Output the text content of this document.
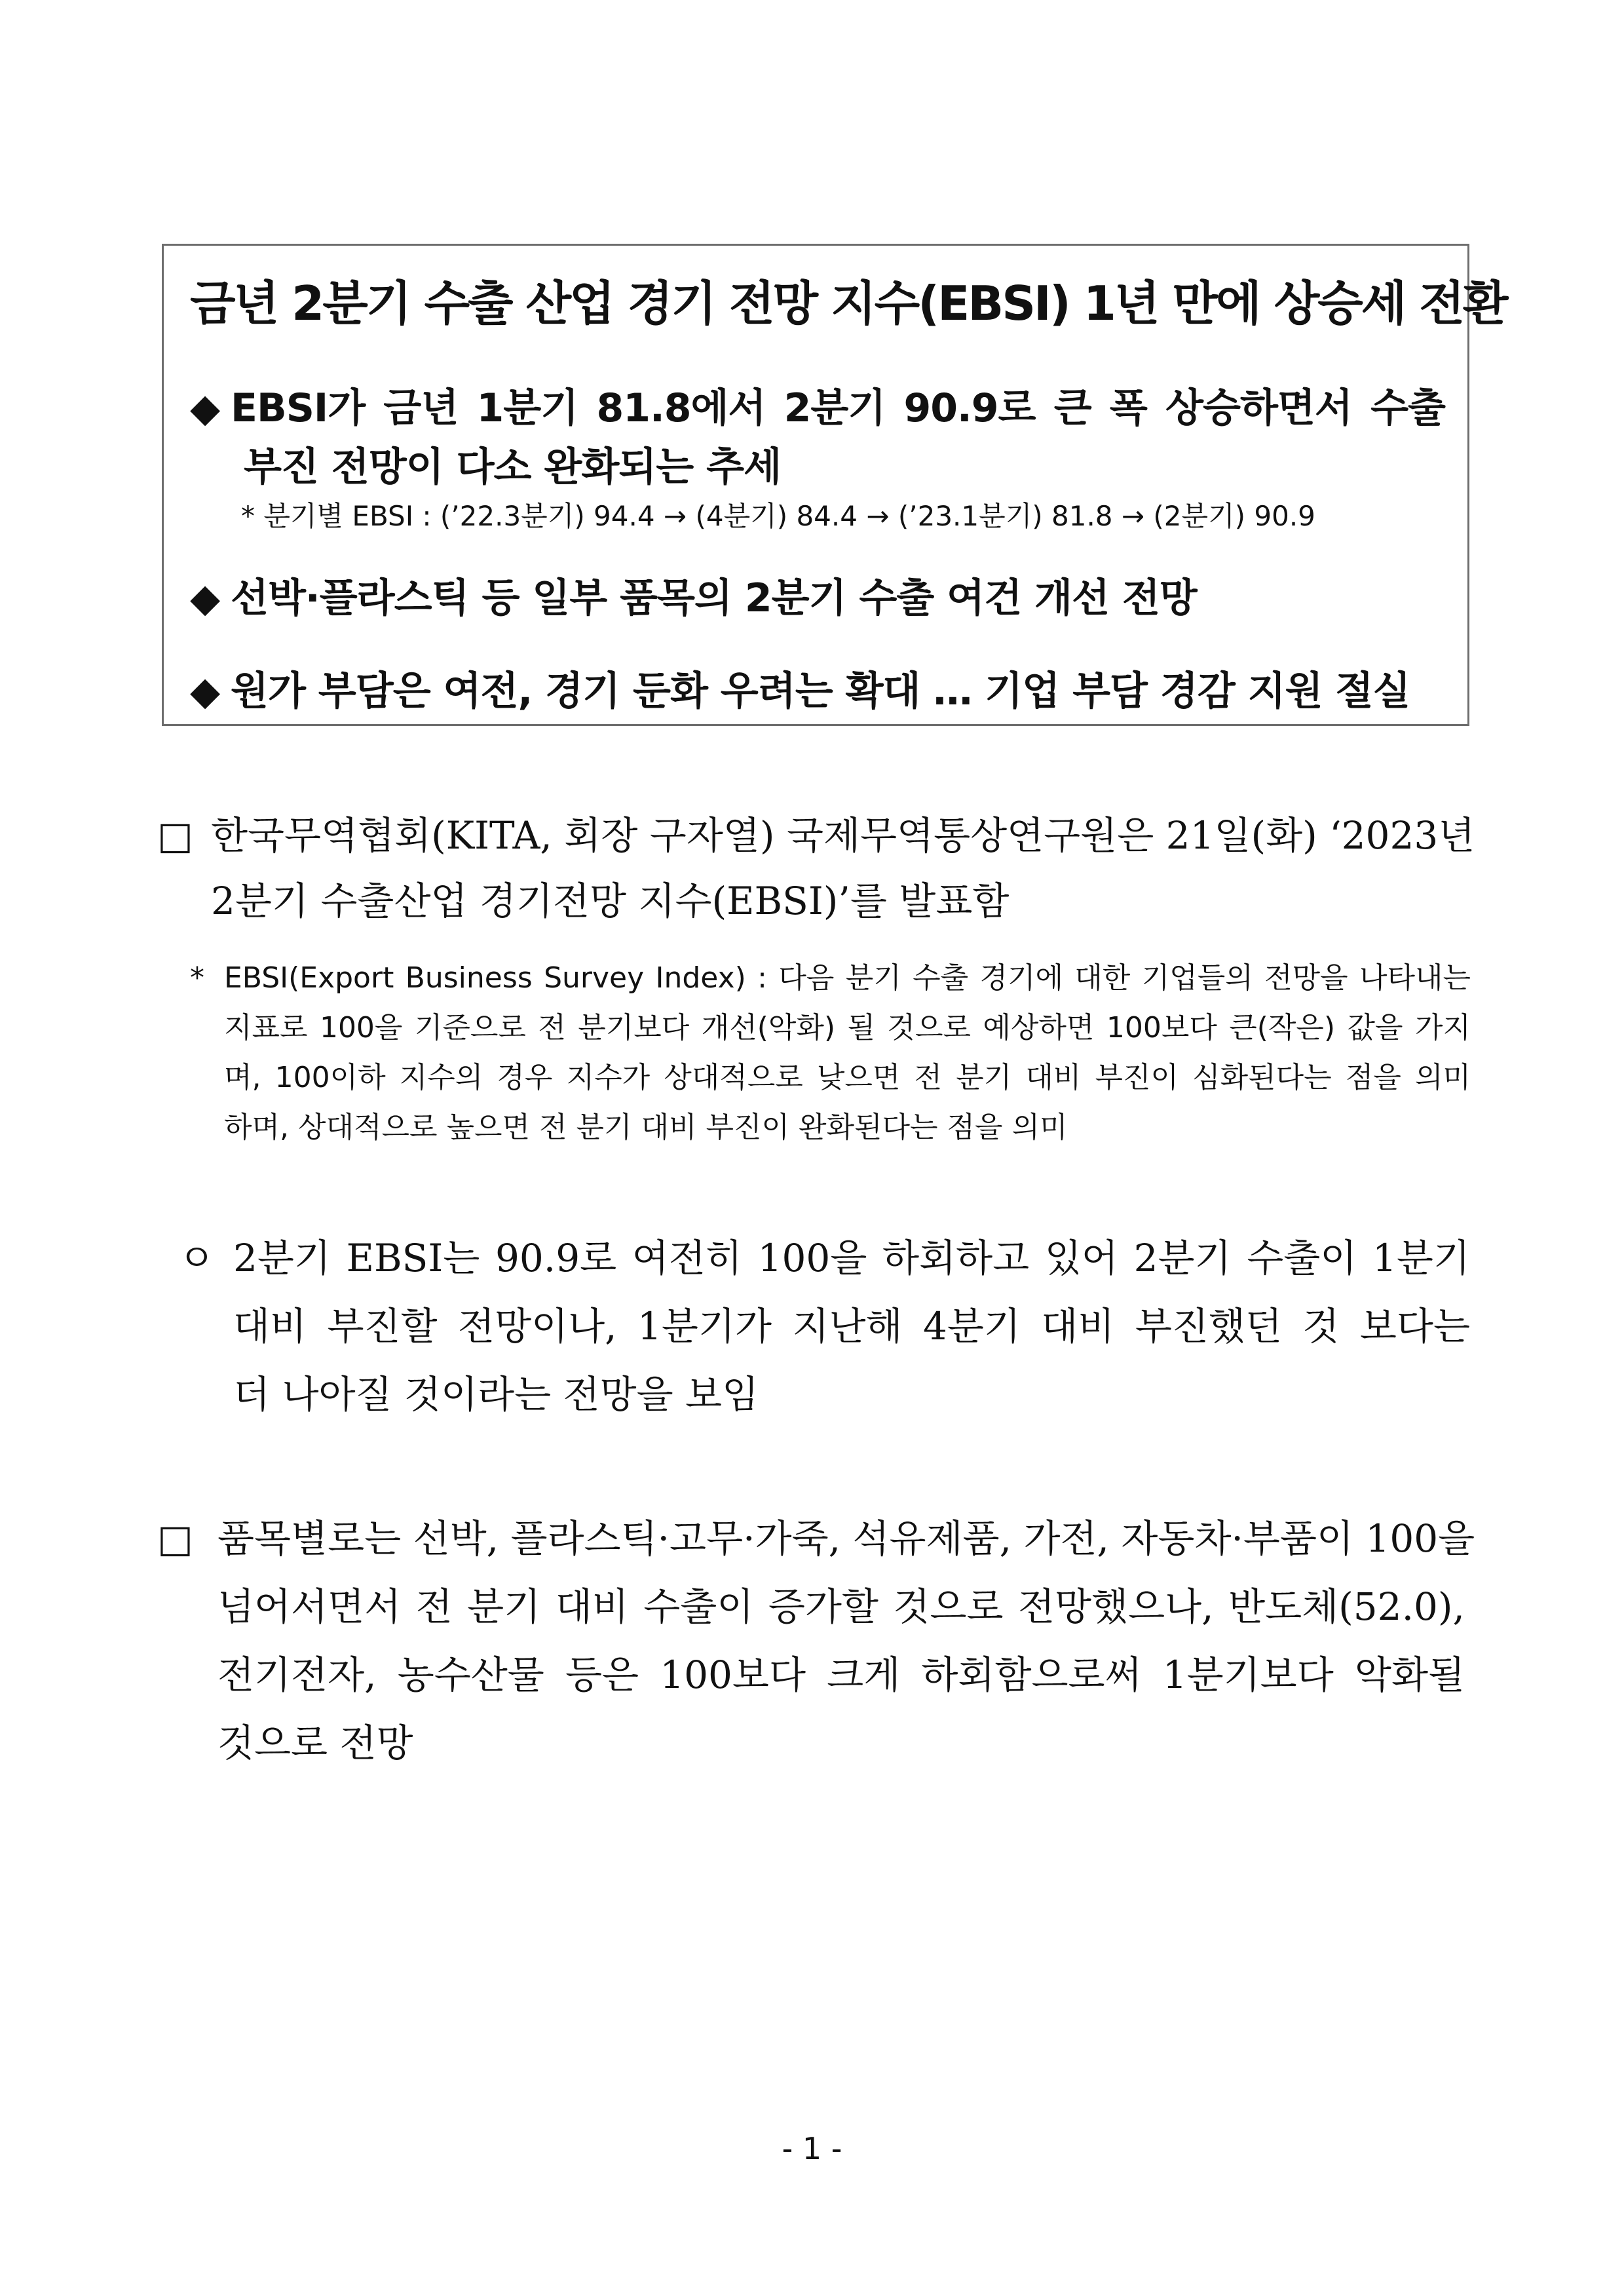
금년 2분기 수출 산업 경기 전망 지수(EBSI) 1년 만에 상승세 전환
◆ EBSI가 금년 1분기 81.8에서 2분기 90.9로 큰 폭 상승하면서 수출
부진 전망이 다소 완화되는 추세
* 분기별 EBSI : (’22.3분기) 94.4 → (4분기) 84.4 → (’23.1분기) 81.8 → (2분기) 90.9
◆ 선박·플라스틱 등 일부 품목의 2분기 수출 여건 개선 전망
◆ 원가 부담은 여전, 경기 둔화 우려는 확대 … 기업 부담 경감 지원 절실
□ 한국무역협회(KITA, 회장 구자열) 국제무역통상연구원은 21일(화) ‘2023년
2분기 수출산업 경기전망 지수(EBSI)’를 발표함
* EBSI(Export Business Survey Index) : 다음 분기 수출 경기에 대한 기업들의 전망을 나타내는
지표로 100을 기준으로 전 분기보다 개선(악화) 될 것으로 예상하면 100보다 큰(작은) 값을 가지
며, 100이하 지수의 경우 지수가 상대적으로 낮으면 전 분기 대비 부진이 심화된다는 점을 의미
하며, 상대적으로 높으면 전 분기 대비 부진이 완화된다는 점을 의미
ㅇ 2분기 EBSI는 90.9로 여전히 100을 하회하고 있어 2분기 수출이 1분기
대비 부진할 전망이나, 1분기가 지난해 4분기 대비 부진했던 것 보다는
더 나아질 것이라는 전망을 보임
□ 품목별로는 선박, 플라스틱·고무·가죽, 석유제품, 가전, 자동차·부품이 100을
넘어서면서 전 분기 대비 수출이 증가할 것으로 전망했으나, 반도체(52.0),
전기전자, 농수산물 등은 100보다 크게 하회함으로써 1분기보다 악화될
것으로 전망
- 1 -
